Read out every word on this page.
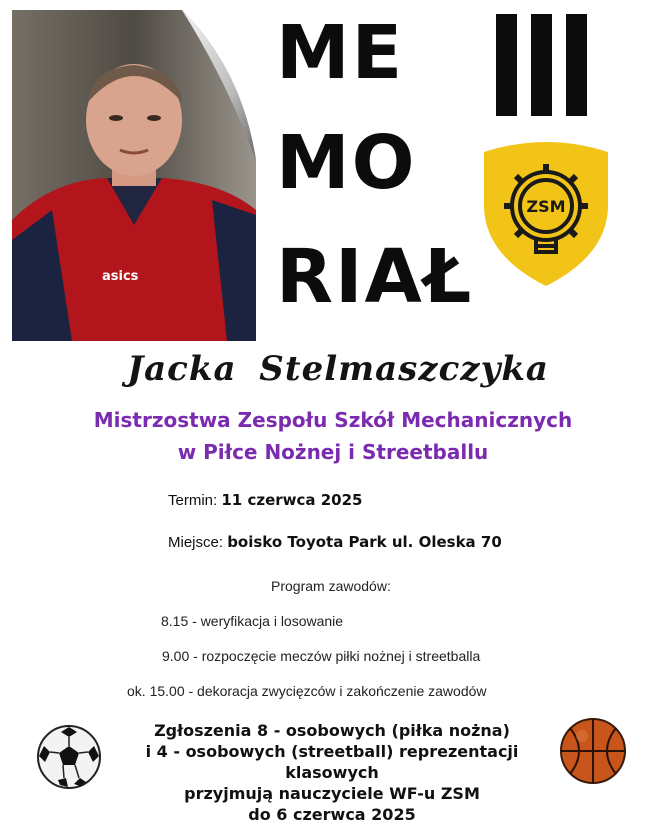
asics
ME
MO
RIAŁ
ZSM
Jacka Stelmaszczyka
Mistrzostwa Zespołu Szkół Mechanicznych
w Piłce Nożnej i Streetballu
Termin: 11 czerwca 2025
Miejsce: boisko Toyota Park ul. Oleska 70
Program zawodów:
8.15 - weryfikacja i losowanie
9.00 - rozpoczęcie meczów piłki nożnej i streetballa
ok. 15.00 - dekoracja zwycięzców i zakończenie zawodów
Zgłoszenia 8 - osobowych (piłka nożna)
i 4 - osobowych (streetball) reprezentacji klasowych
przyjmują nauczyciele WF-u ZSM
do 6 czerwca 2025
